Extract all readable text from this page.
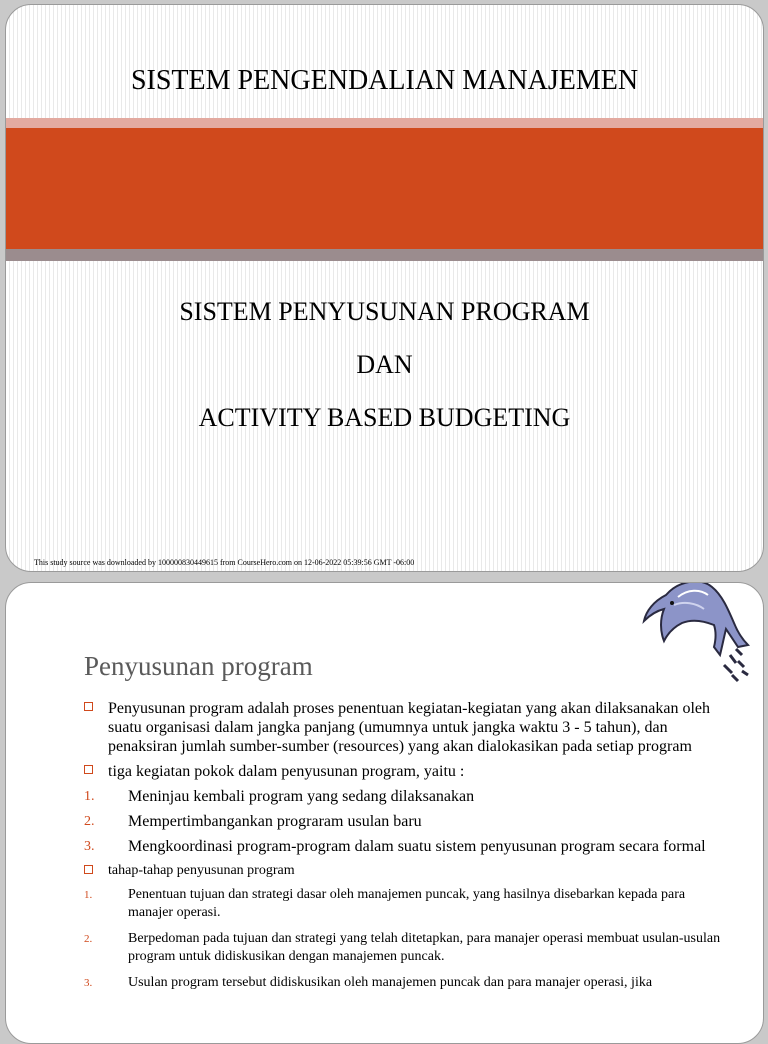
SISTEM PENGENDALIAN MANAJEMEN
SISTEM PENYUSUNAN PROGRAM
DAN
ACTIVITY BASED BUDGETING
This study source was downloaded by 100000830449615 from CourseHero.com on 12-06-2022 05:39:56 GMT -06:00
Penyusunan program
Penyusunan program adalah proses penentuan kegiatan-kegiatan yang akan dilaksanakan oleh suatu organisasi dalam jangka panjang (umumnya untuk jangka waktu 3 - 5 tahun), dan penaksiran jumlah sumber-sumber (resources) yang akan dialokasikan pada setiap program
tiga kegiatan pokok dalam penyusunan program, yaitu :
1. Meninjau kembali program yang sedang dilaksanakan
2. Mempertimbangankan prograram usulan baru
3. Mengkoordinasi program-program dalam suatu sistem penyusunan program secara formal
tahap-tahap penyusunan program
1.	Penentuan tujuan dan strategi dasar oleh manajemen puncak, yang hasilnya disebarkan kepada para manajer operasi.
2.	Berpedoman pada tujuan dan strategi yang telah ditetapkan, para manajer operasi membuat usulan-usulan program untuk didiskusikan dengan manajemen puncak.
3.	Usulan program tersebut didiskusikan oleh manajemen puncak dan para manajer operasi, jika
